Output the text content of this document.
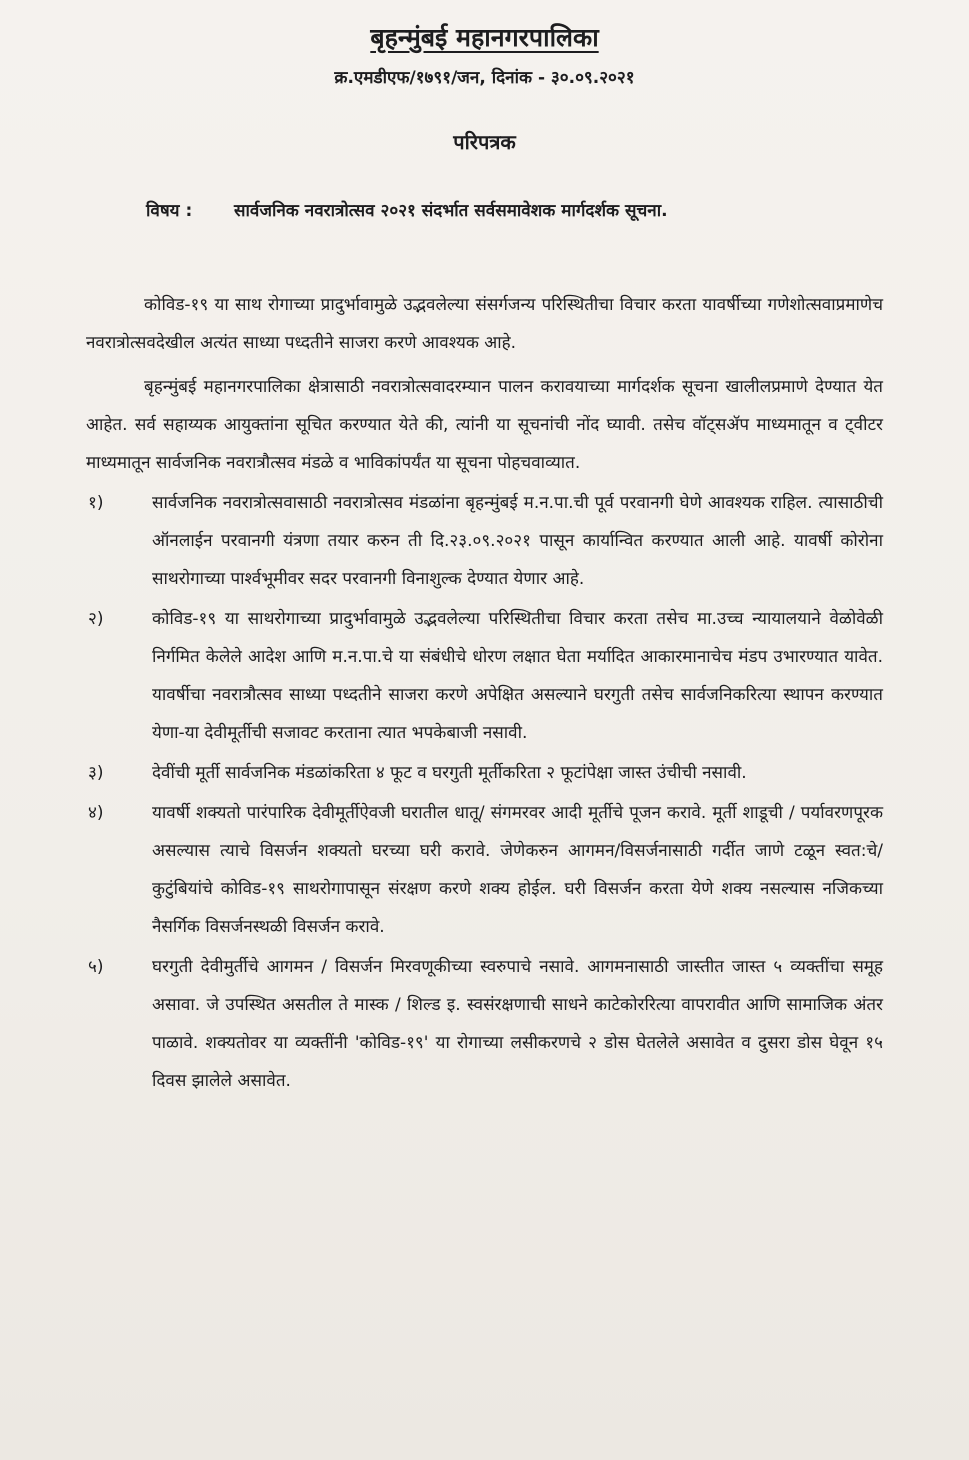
बृहन्मुंबई महानगरपालिका

क्र.एमडीएफ/१७९१/जन, दिनांक - ३०.०९.२०२१

परिपत्रक
विषय :	सार्वजनिक नवरात्रोत्सव २०२१ संदर्भात सर्वसमावेशक मार्गदर्शक सूचना.

कोविड-१९ या साथ रोगाच्या प्रादुर्भावामुळे उद्भवलेल्या संसर्गजन्य परिस्थितीचा विचार करता यावर्षीच्या गणेशोत्सवाप्रमाणेच नवरात्रोत्सवदेखील अत्यंत साध्या पध्दतीने साजरा करणे आवश्यक आहे.

बृहन्मुंबई महानगरपालिका क्षेत्रासाठी नवरात्रोत्सवादरम्यान पालन करावयाच्या मार्गदर्शक सूचना खालीलप्रमाणे देण्यात येत आहेत. सर्व सहाय्यक आयुक्तांना सूचित करण्यात येते की, त्यांनी या सूचनांची नोंद घ्यावी. तसेच वॉट्सॲप माध्यमातून व ट्वीटर माध्यमातून सार्वजनिक नवरात्रौत्सव मंडळे व भाविकांपर्यंत या सूचना पोहचवाव्यात.

१)	सार्वजनिक नवरात्रोत्सवासाठी नवरात्रोत्सव मंडळांना बृहन्मुंबई म.न.पा.ची पूर्व परवानगी घेणे आवश्यक राहिल. त्यासाठीची ऑनलाईन परवानगी यंत्रणा तयार करुन ती दि.२३.०९.२०२१ पासून कार्यान्वित करण्यात आली आहे. यावर्षी कोरोना साथरोगाच्या पार्श्वभूमीवर सदर परवानगी विनाशुल्क देण्यात येणार आहे.
२)	कोविड-१९ या साथरोगाच्या प्रादुर्भावामुळे उद्भवलेल्या परिस्थितीचा विचार करता तसेच मा.उच्च न्यायालयाने वेळोवेळी निर्गमित केलेले आदेश आणि म.न.पा.चे या संबंधीचे धोरण लक्षात घेता मर्यादित आकारमानाचेच मंडप उभारण्यात यावेत. यावर्षीचा नवरात्रौत्सव साध्या पध्दतीने साजरा करणे अपेक्षित असल्याने घरगुती तसेच सार्वजनिकरित्या स्थापन करण्यात येणा-या देवीमूर्तीची सजावट करताना त्यात भपकेबाजी नसावी.
३)	देवींची मूर्ती सार्वजनिक मंडळांकरिता ४ फूट व घरगुती मूर्तीकरिता २ फूटांपेक्षा जास्त उंचीची नसावी.
४)	यावर्षी शक्यतो पारंपारिक देवीमूर्तीऐवजी घरातील धातू/ संगमरवर आदी मूर्तीचे पूजन करावे. मूर्ती शाडूची / पर्यावरणपूरक असल्यास त्याचे विसर्जन शक्यतो घरच्या घरी करावे. जेणेकरुन आगमन/विसर्जनासाठी गर्दीत जाणे टळून स्वत:चे/कुटुंबियांचे कोविड-१९ साथरोगापासून संरक्षण करणे शक्य होईल. घरी विसर्जन करता येणे शक्य नसल्यास नजिकच्या नैसर्गिक विसर्जनस्थळी विसर्जन करावे.
५)	घरगुती देवीमुर्तीचे आगमन / विसर्जन मिरवणूकीच्या स्वरुपाचे नसावे. आगमनासाठी जास्तीत जास्त ५ व्यक्तींचा समूह असावा. जे उपस्थित असतील ते मास्क / शिल्ड इ. स्वसंरक्षणाची साधने काटेकोररित्या वापरावीत आणि सामाजिक अंतर पाळावे. शक्यतोवर या व्यक्तींनी 'कोविड-१९' या रोगाच्या लसीकरणचे २ डोस घेतलेले असावेत व दुसरा डोस घेवून १५ दिवस झालेले असावेत.
